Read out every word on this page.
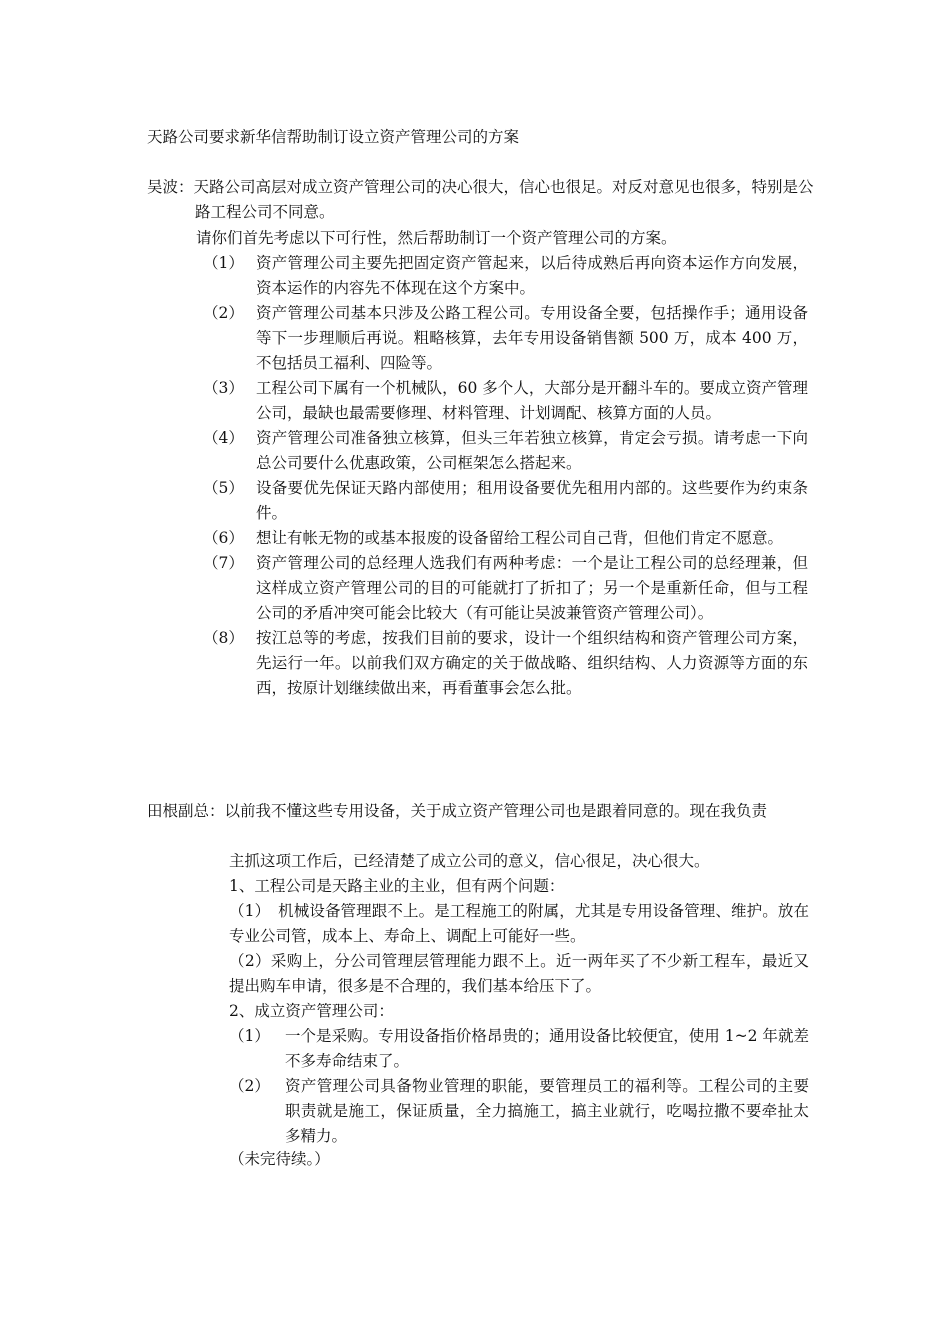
天路公司要求新华信帮助制订设立资产管理公司的方案
吴波：天路公司高层对成立资产管理公司的决心很大，信心也很足。对反对意见也很多，特别是公路工程公司不同意。
请你们首先考虑以下可行性，然后帮助制订一个资产管理公司的方案。
（1） 资产管理公司主要先把固定资产管起来，以后待成熟后再向资本运作方向发展，资本运作的内容先不体现在这个方案中。
（2） 资产管理公司基本只涉及公路工程公司。专用设备全要，包括操作手；通用设备等下一步理顺后再说。粗略核算，去年专用设备销售额 500 万，成本 400 万，不包括员工福利、四险等。
（3） 工程公司下属有一个机械队，60 多个人，大部分是开翻斗车的。要成立资产管理公司，最缺也最需要修理、材料管理、计划调配、核算方面的人员。
（4） 资产管理公司准备独立核算，但头三年若独立核算，肯定会亏损。请考虑一下向总公司要什么优惠政策，公司框架怎么搭起来。
（5） 设备要优先保证天路内部使用；租用设备要优先租用内部的。这些要作为约束条件。
（6） 想让有帐无物的或基本报废的设备留给工程公司自己背，但他们肯定不愿意。
（7） 资产管理公司的总经理人选我们有两种考虑：一个是让工程公司的总经理兼，但这样成立资产管理公司的目的可能就打了折扣了；另一个是重新任命，但与工程公司的矛盾冲突可能会比较大（有可能让吴波兼管资产管理公司）。
（8） 按江总等的考虑，按我们目前的要求，设计一个组织结构和资产管理公司方案，先运行一年。以前我们双方确定的关于做战略、组织结构、人力资源等方面的东西，按原计划继续做出来，再看董事会怎么批。
田根副总：以前我不懂这些专用设备，关于成立资产管理公司也是跟着同意的。现在我负责
主抓这项工作后，已经清楚了成立公司的意义，信心很足，决心很大。
1、工程公司是天路主业的主业，但有两个问题：
（1）　机械设备管理跟不上。是工程施工的附属，尤其是专用设备管理、维护。放在专业公司管，成本上、寿命上、调配上可能好一些。
（2）采购上，分公司管理层管理能力跟不上。近一两年买了不少新工程车，最近又提出购车申请，很多是不合理的，我们基本给压下了。
2、成立资产管理公司：
（1） 一个是采购。专用设备指价格昂贵的；通用设备比较便宜，使用 1~2 年就差不多寿命结束了。
（2） 资产管理公司具备物业管理的职能，要管理员工的福利等。工程公司的主要职责就是施工，保证质量，全力搞施工，搞主业就行，吃喝拉撒不要牵扯太多精力。
（未完待续。）
